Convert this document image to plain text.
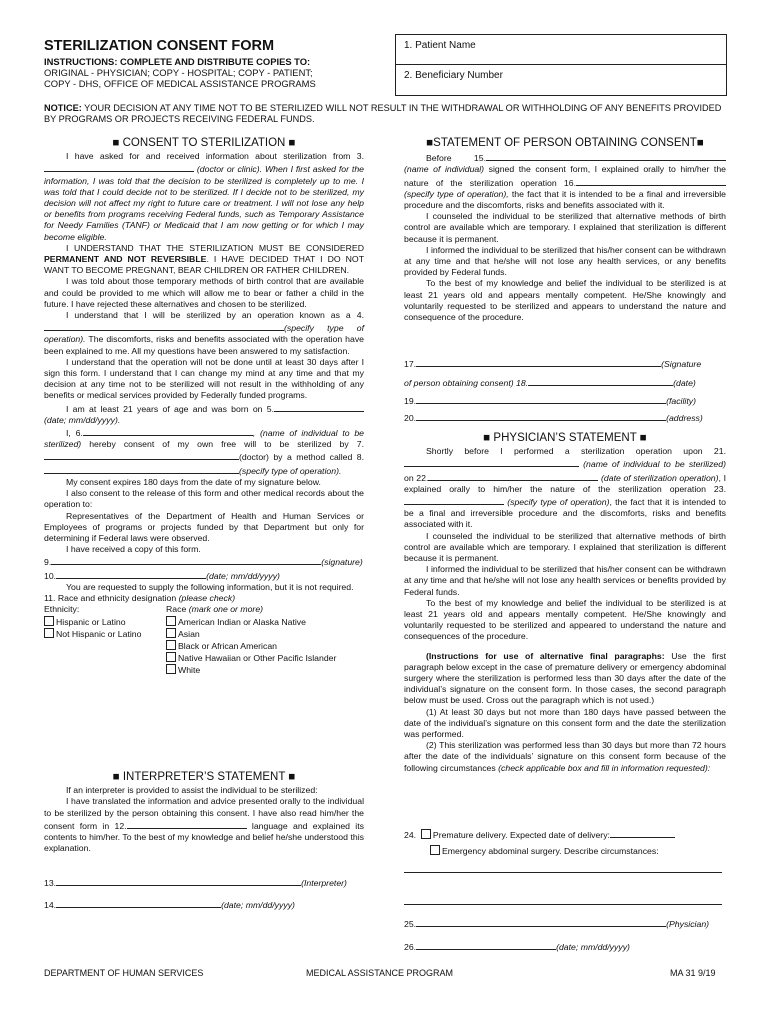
STERILIZATION CONSENT FORM
INSTRUCTIONS: COMPLETE AND DISTRIBUTE COPIES TO:
ORIGINAL - PHYSICIAN; COPY - HOSPITAL; COPY - PATIENT;
COPY - DHS, OFFICE OF MEDICAL ASSISTANCE PROGRAMS
1. Patient Name
2. Beneficiary Number
NOTICE: YOUR DECISION AT ANY TIME NOT TO BE STERILIZED WILL NOT RESULT IN THE WITHDRAWAL OR WITHHOLDING OF ANY BENEFITS PROVIDED BY PROGRAMS OR PROJECTS RECEIVING FEDERAL FUNDS.
■ CONSENT TO STERILIZATION ■

I have asked for and received information about sterilization from 3. (doctor or clinic). When I first asked for the information, I was told that the decision to be sterilized is completely up to me. I was told that I could decide not to be sterilized. If I decide not to be sterilized, my decision will not affect my right to future care or treatment. I will not lose any help or benefits from programs receiving Federal funds, such as Temporary Assistance for Needy Families (TANF) or Medicaid that I am now getting or for which I may become eligible.

I UNDERSTAND THAT THE STERILIZATION MUST BE CONSIDERED PERMANENT AND NOT REVERSIBLE. I HAVE DECIDED THAT I DO NOT WANT TO BECOME PREGNANT, BEAR CHILDREN OR FATHER CHILDREN.

I was told about those temporary methods of birth control that are available and could be provided to me which will allow me to bear or father a child in the future. I have rejected these alternatives and chosen to be sterilized.

I understand that I will be sterilized by an operation known as a 4.(specify type of operation). The discomforts, risks and benefits associated with the operation have been explained to me. All my questions have been answered to my satisfaction.

I understand that the operation will not be done until at least 30 days after I sign this form. I understand that I can change my mind at any time and that my decision at any time not to be sterilized will not result in the withholding of any benefits or medical services provided by Federally funded programs.

I am at least 21 years of age and was born on 5.(date; mm/dd/yyyy).

I, 6.	, (name of individual to be sterilized) hereby consent of my own free will to be sterilized by 7.(doctor) by a method called 8.(specify type of operation).

My consent expires 180 days from the date of my signature below.

I also consent to the release of this form and other medical records about the operation to:

Representatives of the Department of Health and Human Services or Employees of programs or projects funded by that Department but only for determining if Federal laws were observed.

I have received a copy of this form.

9.	(signature)

10.	(date; mm/dd/yyyy)

You are requested to supply the following information, but it is not required.

11. Race and ethnicity designation (please check)

Ethnicity:	Race (mark one or more)
Hispanic or Latino
Not Hispanic or Latino
American Indian or Alaska Native
Asian
Black or African American
Native Hawaiian or Other Pacific Islander
White
■ INTERPRETER’S STATEMENT ■

If an interpreter is provided to assist the individual to be sterilized:

I have translated the information and advice presented orally to the individual to be sterilized by the person obtaining this consent. I have also read him/her the consent form in 12.	language and explained its contents to him/her. To the best of my knowledge and belief he/she understood this explanation.

13.	(Interpreter)
14.	(date; mm/dd/yyyy)
■STATEMENT OF PERSON OBTAINING CONSENT■

Before 15. (name of individual) signed the consent form, I explained orally to him/her the nature of the sterilization operation 16. (specify type of operation), the fact that it is intended to be a final and irreversible procedure and the discomforts, risks and benefits associated with it.

I counseled the individual to be sterilized that alternative methods of birth control are available which are temporary. I explained that sterilization is different because it is permanent.

I informed the individual to be sterilized that his/her consent can be withdrawn at any time and that he/she will not lose any health services, or any benefits provided by Federal funds.

To the best of my knowledge and belief the individual to be sterilized is at least 21 years old and appears mentally competent. He/She knowingly and voluntarily requested to be sterilized and appears to understand the nature and consequence of the procedure.

17.	(Signature
of person obtaining consent) 18.	(date)
19.	(facility)
20.	(address)
■ PHYSICIAN’S STATEMENT ■

Shortly before I performed a sterilization operation upon 21. (name of individual to be sterilized) on 22.	(date of sterilization operation), I explained orally to him/her the nature of the sterilization operation 23. (specify type of operation), the fact that it is intended to be a final and irreversible procedure and the discomforts, risks and benefits associated with it.

I counseled the individual to be sterilized that alternative methods of birth control are available which are temporary. I explained that sterilization is different because it is permanent.

I informed the individual to be sterilized that his/her consent can be withdrawn at any time and that he/she will not lose any health services or benefits provided by Federal funds.

To the best of my knowledge and belief the individual to be sterilized is at least 21 years old and appears mentally competent. He/She knowingly and voluntarily requested to be sterilized and appeared to understand the nature and consequences of the procedure.

(Instructions for use of alternative final paragraphs: Use the first paragraph below except in the case of premature delivery or emergency abdominal surgery where the sterilization is performed less than 30 days after the date of the individual’s signature on the consent form. In those cases, the second paragraph below must be used. Cross out the paragraph which is not used.)

(1) At least 30 days but not more than 180 days have passed between the date of the individual’s signature on this consent form and the date the sterilization was performed.

(2) This sterilization was performed less than 30 days but more than 72 hours after the date of the individuals’ signature on this consent form because of the following circumstances (check applicable box and fill in information requested):

24. Premature delivery. Expected date of delivery:
Emergency abdominal surgery. Describe circumstances:
25.	(Physician)
26.	(date; mm/dd/yyyy)
DEPARTMENT OF HUMAN SERVICES	MEDICAL ASSISTANCE PROGRAM	MA 31 9/19
